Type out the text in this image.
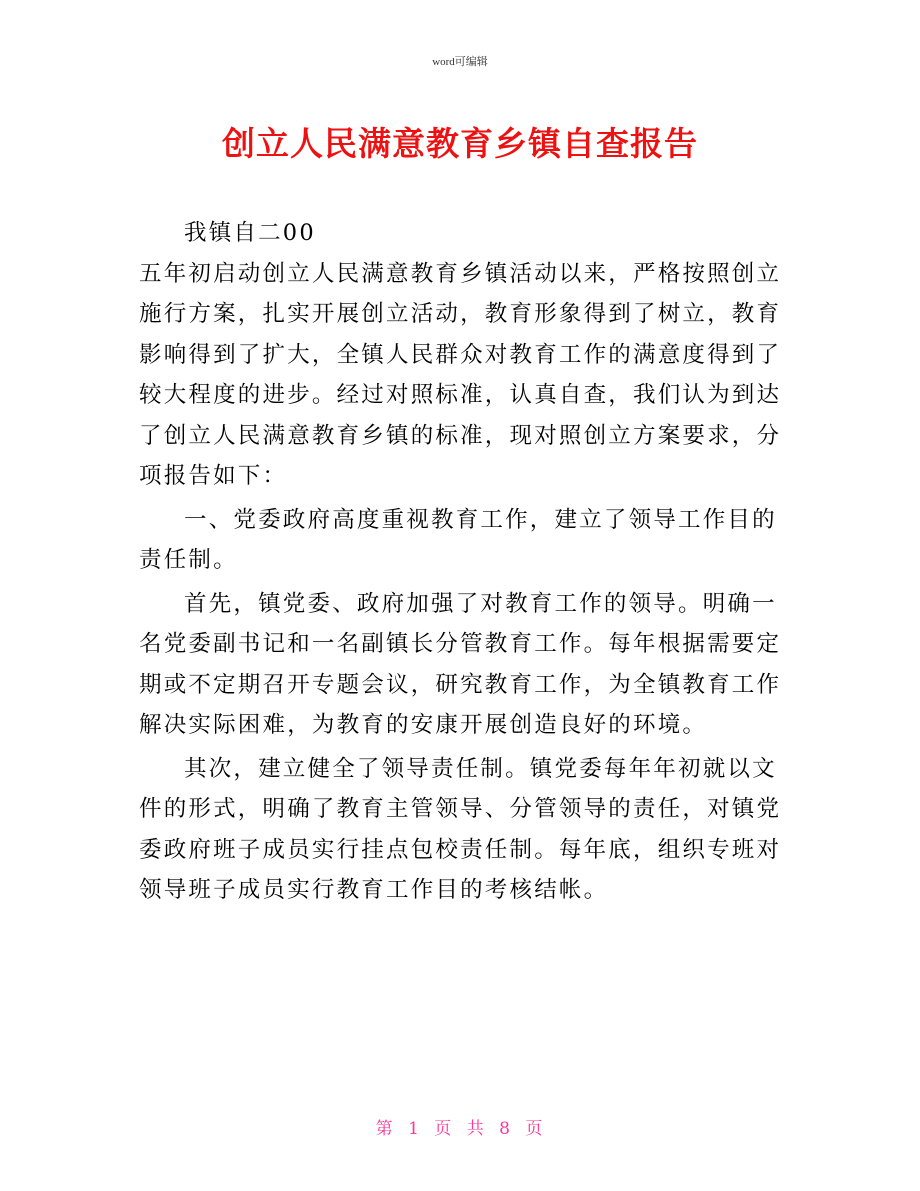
word可编辑
创立人民满意教育乡镇自查报告

我镇自二00

五年初启动创立人民满意教育乡镇活动以来，严格按照创立施行方案，扎实开展创立活动，教育形象得到了树立，教育影响得到了扩大，全镇人民群众对教育工作的满意度得到了较大程度的进步。经过对照标准，认真自查，我们认为到达了创立人民满意教育乡镇的标准，现对照创立方案要求，分项报告如下：

一、党委政府高度重视教育工作，建立了领导工作目的责任制。

首先，镇党委、政府加强了对教育工作的领导。明确一名党委副书记和一名副镇长分管教育工作。每年根据需要定期或不定期召开专题会议，研究教育工作，为全镇教育工作解决实际困难，为教育的安康开展创造良好的环境。

其次，建立健全了领导责任制。镇党委每年年初就以文件的形式，明确了教育主管领导、分管领导的责任，对镇党委政府班子成员实行挂点包校责任制。每年底，组织专班对领导班子成员实行教育工作目的考核结帐。

第 1 页 共 8 页
